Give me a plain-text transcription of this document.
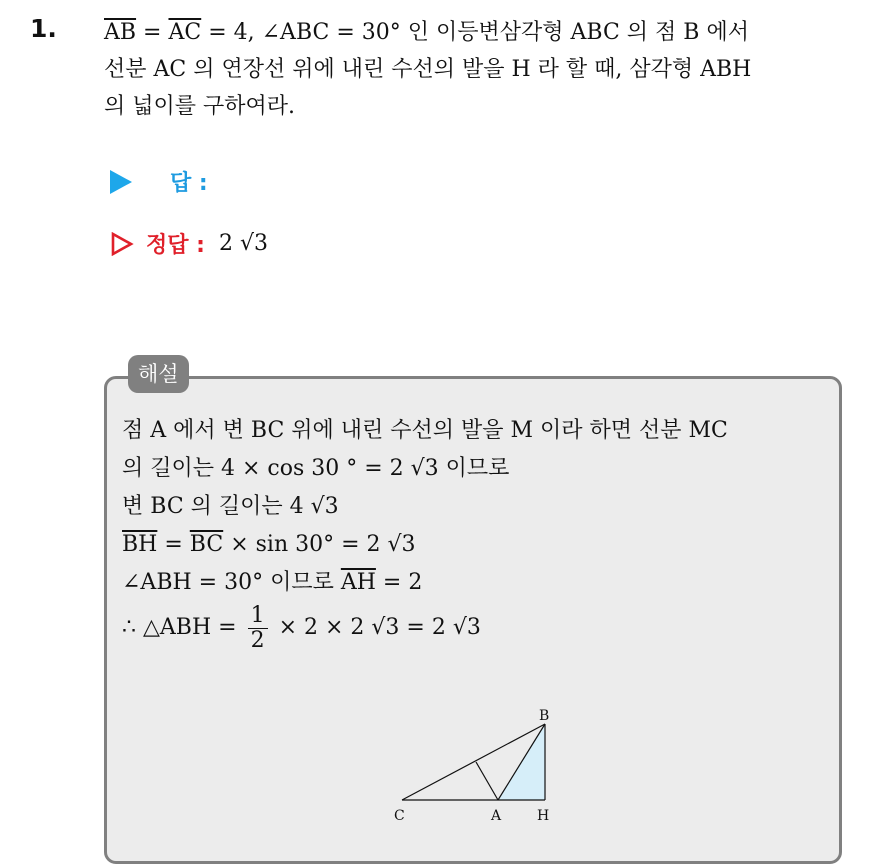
1. $\overline{AB} = \overline{AC} = 4$, ∠ABC = 30° 인 이등변삼각형 ABC 의 점 B 에서
선분 AC 의 연장선 위에 내린 수선의 발을 H 라 할 때, 삼각형 ABH
의 넓이를 구하여라.
답 :
정답 : 2 √3
해설
점 A 에서 변 BC 위에 내린 수선의 발을 M 이라 하면 선분 MC
의 길이는 4 × cos 30 ° = 2 √3 이므로
변 BC 의 길이는 4 √3
$\overline{BH} = \overline{BC} \times \sin 30^\circ = 2$ √3
∠ABH = 30° 이므로 $\overline{AH} = 2$
∴ △ABH = $\frac{1}{2} \times 2 \times 2$ √3 = 2 √3
B
C	A	H
